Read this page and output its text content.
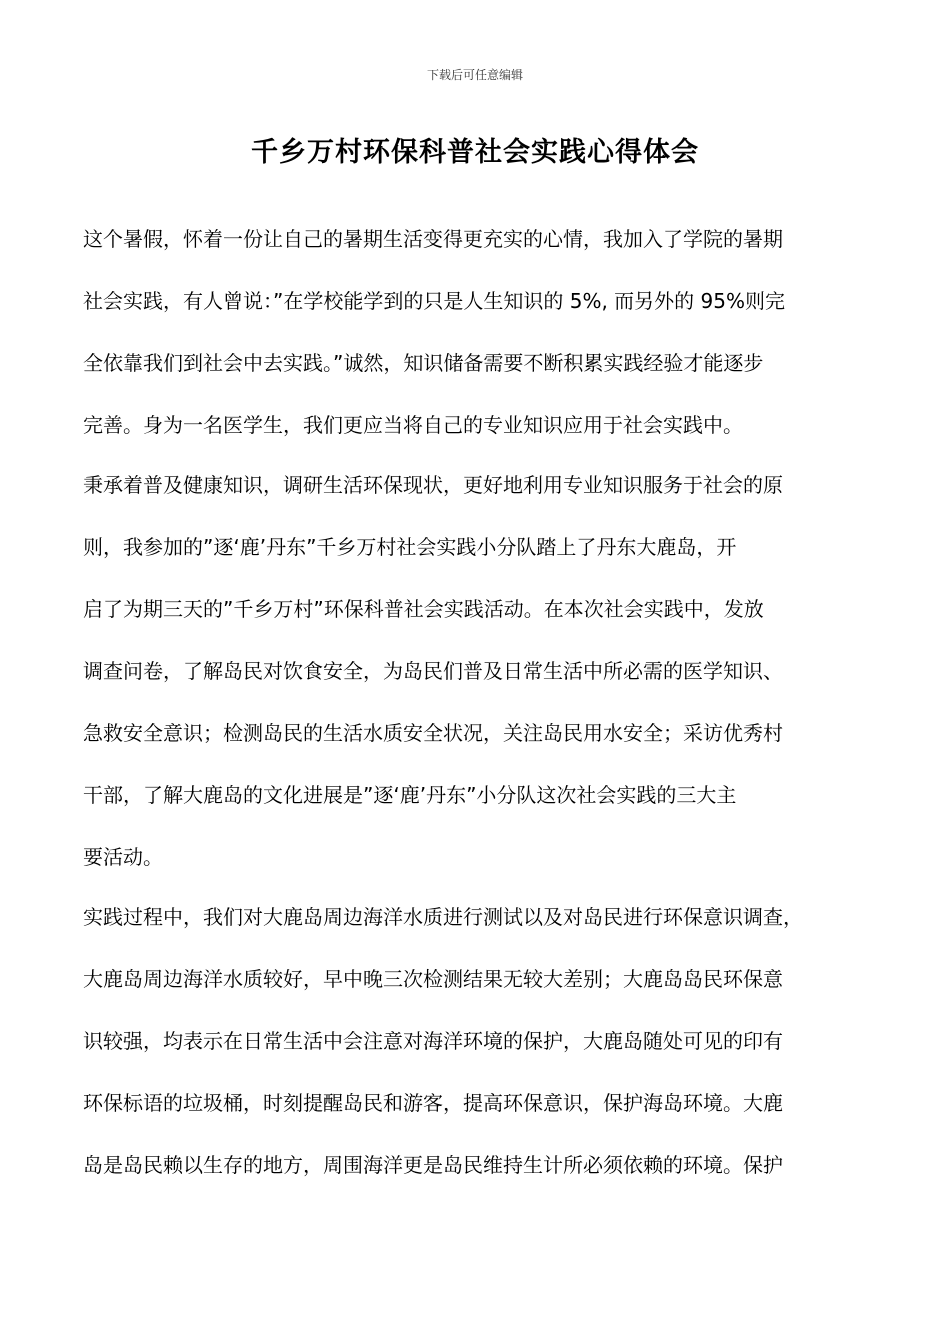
下载后可任意编辑
千乡万村环保科普社会实践心得体会
这个暑假，怀着一份让自己的暑期生活变得更充实的心情，我加入了学院的暑期
社会实践，有人曾说：”在学校能学到的只是人生知识的 5%, 而另外的 95%则完
全依靠我们到社会中去实践。”诚然，知识储备需要不断积累实践经验才能逐步
完善。身为一名医学生，我们更应当将自己的专业知识应用于社会实践中。
秉承着普及健康知识，调研生活环保现状，更好地利用专业知识服务于社会的原
则，我参加的”逐‘鹿’丹东”千乡万村社会实践小分队踏上了丹东大鹿岛，开
启了为期三天的”千乡万村”环保科普社会实践活动。在本次社会实践中，发放
调查问卷，了解岛民对饮食安全，为岛民们普及日常生活中所必需的医学知识、
急救安全意识；检测岛民的生活水质安全状况，关注岛民用水安全；采访优秀村
干部，了解大鹿岛的文化进展是”逐‘鹿’丹东”小分队这次社会实践的三大主
要活动。
实践过程中，我们对大鹿岛周边海洋水质进行测试以及对岛民进行环保意识调查，
大鹿岛周边海洋水质较好，早中晚三次检测结果无较大差别；大鹿岛岛民环保意
识较强，均表示在日常生活中会注意对海洋环境的保护，大鹿岛随处可见的印有
环保标语的垃圾桶，时刻提醒岛民和游客，提高环保意识，保护海岛环境。大鹿
岛是岛民赖以生存的地方，周围海洋更是岛民维持生计所必须依赖的环境。保护
